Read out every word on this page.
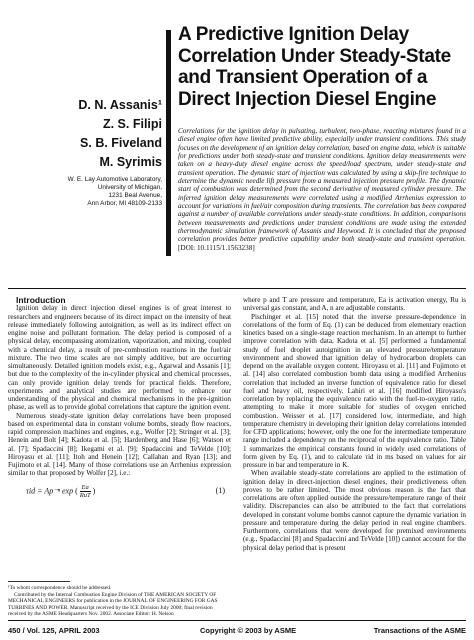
D. N. Assanis¹
Z. S. Filipi
S. B. Fiveland
M. Syrimis
W. E. Lay Automotive Laboratory,
University of Michigan,
1231 Beal Avenue,
Ann Arbor, MI 48109-2133
A Predictive Ignition Delay Correlation Under Steady-State and Transient Operation of a Direct Injection Diesel Engine
Correlations for the ignition delay in pulsating, turbulent, two-phase, reacting mixtures found in a diesel engine often have limited predictive ability, especially under transient conditions. This study focuses on the development of an ignition delay correlation, based on engine data, which is suitable for predictions under both steady-state and transient conditions. Ignition delay measurements were taken on a heavy-duty diesel engine across the speed/load spectrum, under steady-state and transient operation. The dynamic start of injection was calculated by using a skip-fire technique to determine the dynamic needle lift pressure from a measured injection pressure profile. The dynamic start of combustion was determined from the second derivative of measured cylinder pressure. The inferred ignition delay measurements were correlated using a modified Arrhenius expression to account for variations in fuel/air composition during transients. The correlation has been compared against a number of available correlations under steady-state conditions. In addition, comparisons between measurements and predictions under transient conditions are made using the extended thermodynamic simulation framework of Assanis and Heywood. It is concluded that the proposed correlation provides better predictive capability under both steady-state and transient operation. [DOI: 10.1115/1.1563238]

Introduction

Ignition delay in direct injection diesel engines is of great interest to researchers and engineers because of its direct impact on the intensity of heat release immediately following autoignition, as well as its indirect effect on engine noise and pollutant formation. The delay period is composed of a physical delay, encompassing atomization, vaporization, and mixing, coupled with a chemical delay, a result of pre-combustion reactions in the fuel/air mixture. The two time scales are not simply additive, but are occurring simultaneously. Detailed ignition models exist, e.g., Agarwal and Assanis [1]; but due to the complexity of the in-cylinder physical and chemical processes, can only provide ignition delay trends for practical fields. Therefore, experiments and analytical studies are performed to enhance our understanding of the physical and chemical mechanisms in the pre-ignition phase, as well as to provide global correlations that capture the ignition event.

Numerous steady-state ignition delay correlations have been proposed based on experimental data in constant volume bombs, steady flow reactors, rapid compression machines and engines, e.g., Wolfer [2]; Stringer et al. [3]; Henein and Bolt [4]; Kadota et al. [5]; Hardenberg and Hase [6]; Watson et al. [7]; Spadaccini [8]; Ikegami et al. [9]; Spadaccini and TeVelde [10]; Hiroyasu et al. [11]; Itoh and Henein [12]; Callahan and Ryan [13]; and Fujimoto et al. [14]. Many of those correlations use an Arrhenius expression similar to that proposed by Wolfer [2], i.e.:

τid = Ap⁻ⁿ exp ( Ea
RuT
)	(1)
¹To whom correspondence should be addressed.
Contributed by the Internal Combustion Engine Division of THE AMERICAN SOCIETY OF MECHANICAL ENGINEERS for publication in the JOURNAL OF ENGINEERING FOR GAS TURBINES AND POWER. Manuscript received by the ICE Division July 2000; final revision received by the ASME Headquarters Nov. 2002. Associate Editor: H. Nelson

where p and T are pressure and temperature, Ea is activation energy, Ru is universal gas constant, and A, n are adjustable constants.

Pischinger et al. [15] noted that the inverse pressure-dependence in correlations of the form of Eq. (1) can be deduced from elementary reaction kinetics based on a single-stage reaction mechanism. In an attempt to further improve correlation with data, Kadota et al. [5] performed a fundamental study of fuel droplet autoignition in an elevated pressure/temperature environment and showed that ignition delay of hydrocarbon droplets can depend on the available oxygen content. Hiroyasu et al. [11] and Fujimoto et al. [14] also correlated combustion bomb data using a modified Arrhenius correlation that included an inverse function of equivalence ratio for diesel fuel and heavy oil, respectively. Lahiri et al. [16] modified Hiroyasu's correlation by replacing the equivalence ratio with the fuel-to-oxygen ratio, attempting to make it more suitable for studies of oxygen enriched combustion. Weisser et al. [17] considered low, intermediate, and high temperature chemistry in developing their ignition delay correlations intended for CFD applications; however, only the one for the intermediate temperature range included a dependency on the reciprocal of the equivalence ratio. Table 1 summarizes the empirical constants found in widely used correlations of form given by Eq. (1), and to calculate τid in ms based on values for air pressure in bar and temperature in K.

When available steady-state correlations are applied to the estimation of ignition delay in direct-injection diesel engines, their predictiveness often proves to be rather limited. The most obvious reason is the fact that correlations are often applied outside the pressure/temperature range of their validity. Discrepancies can also be attributed to the fact that correlations developed in constant volume bombs cannot capture the dynamic variation in pressure and temperature during the delay period in real engine chambers. Furthermore, correlations that were developed for premixed environments (e.g., Spadaccini [8] and Spadaccini and TeVelde [10]) cannot account for the physical delay period that is present

450 / Vol. 125, APRIL 2003	Copyright © 2003 by ASME	Transactions of the ASME
